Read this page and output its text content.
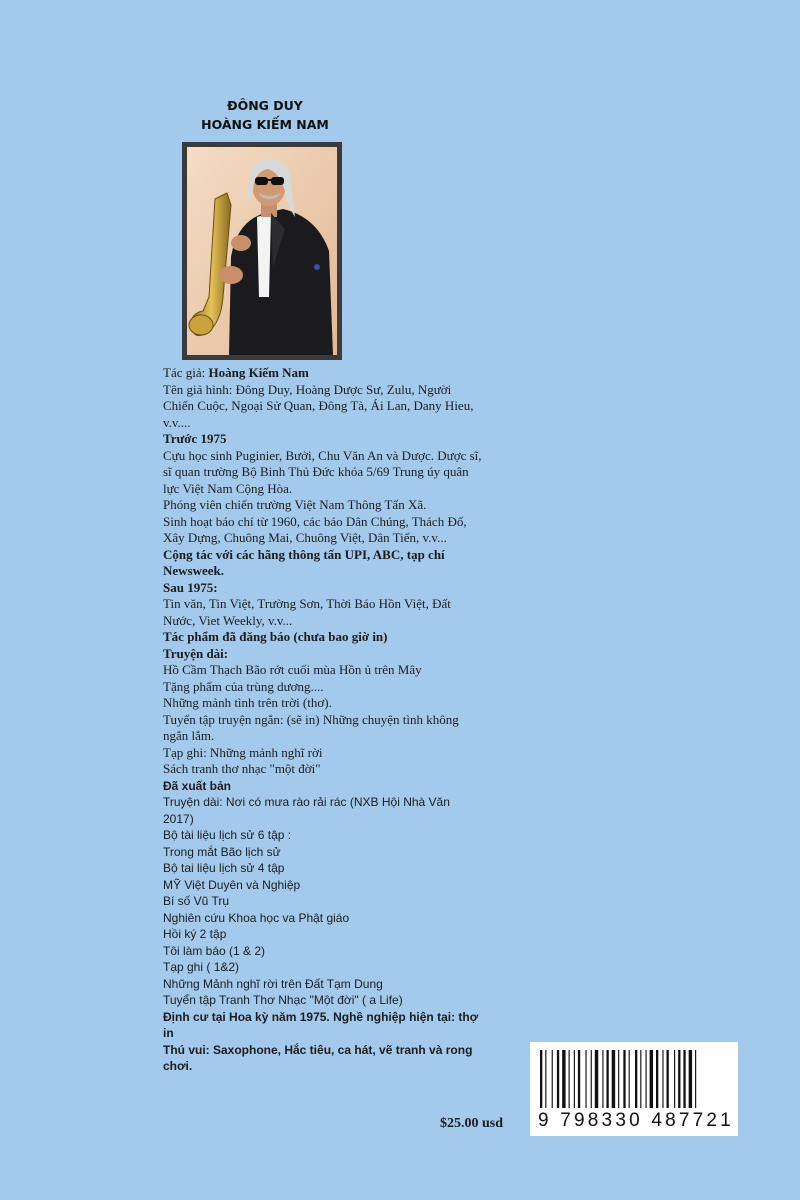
ĐÔNG DUY
HOÀNG KIẾM NAM
Tác giả: Hoàng Kiếm Nam
Tên giả hình: Đông Duy, Hoàng Dược Sư, Zulu, Người Chiến Cuộc, Ngoại Sử Quan, Đông Tà, Ái Lan, Dany Hieu, v.v....
Trước 1975
Cựu học sinh Puginier, Bưởi, Chu Văn An và Dược. Dược sĩ, sĩ quan trường Bộ Binh Thủ Đức khóa 5/69 Trung úy quân lực Việt Nam Cộng Hòa.
Phóng viên chiến trường Việt Nam Thông Tấn Xã.
Sinh hoạt báo chí từ 1960, các báo Dân Chúng, Thách Đố, Xây Dựng, Chuông Mai, Chuông Việt, Dân Tiến, v.v...
Cộng tác với các hãng thông tấn UPI, ABC, tạp chí Newsweek.
Sau 1975:
Tin văn, Tin Việt, Trường Sơn, Thời Báo Hồn Việt, Đất Nước, Viet Weekly, v.v...
Tác phẩm đã đăng báo (chưa bao giờ in)
Truyện dài:
Hồ Cầm Thạch Bão rớt cuối mùa Hồn ủ trên Mây
Tặng phẩm của trùng dương....
Những mảnh tình trên trời (thơ).
Tuyển tập truyện ngắn: (sẽ in) Những chuyện tình không ngắn lắm.
Tạp ghi: Những mảnh nghĩ rời
Sách tranh thơ nhạc "một đời"
Đã xuất bản
Truyện dài: Nơi có mưa rào rải rác (NXB Hội Nhà Văn 2017)
Bộ tài liệu lịch sử 6 tập :
Trong mắt Bão lịch sử
Bộ tai liệu lịch sử 4 tập
MỸ Việt Duyên và Nghiệp
Bí số Vũ Trụ
Nghiên cứu Khoa học va Phật giáo
Hồi ký 2 tập
Tôi làm báo (1 & 2)
Tạp ghi ( 1&2)
Những Mảnh nghĩ rời trên Đất Tạm Dung
Tuyển tập Tranh Thơ Nhạc "Một đời" ( a Life)
Định cư tại Hoa kỳ năm 1975. Nghề nghiệp hiện tại: thợ in
Thú vui: Saxophone, Hắc tiêu, ca hát, vẽ tranh và rong chơi.
$25.00 usd 9 798330 487721
